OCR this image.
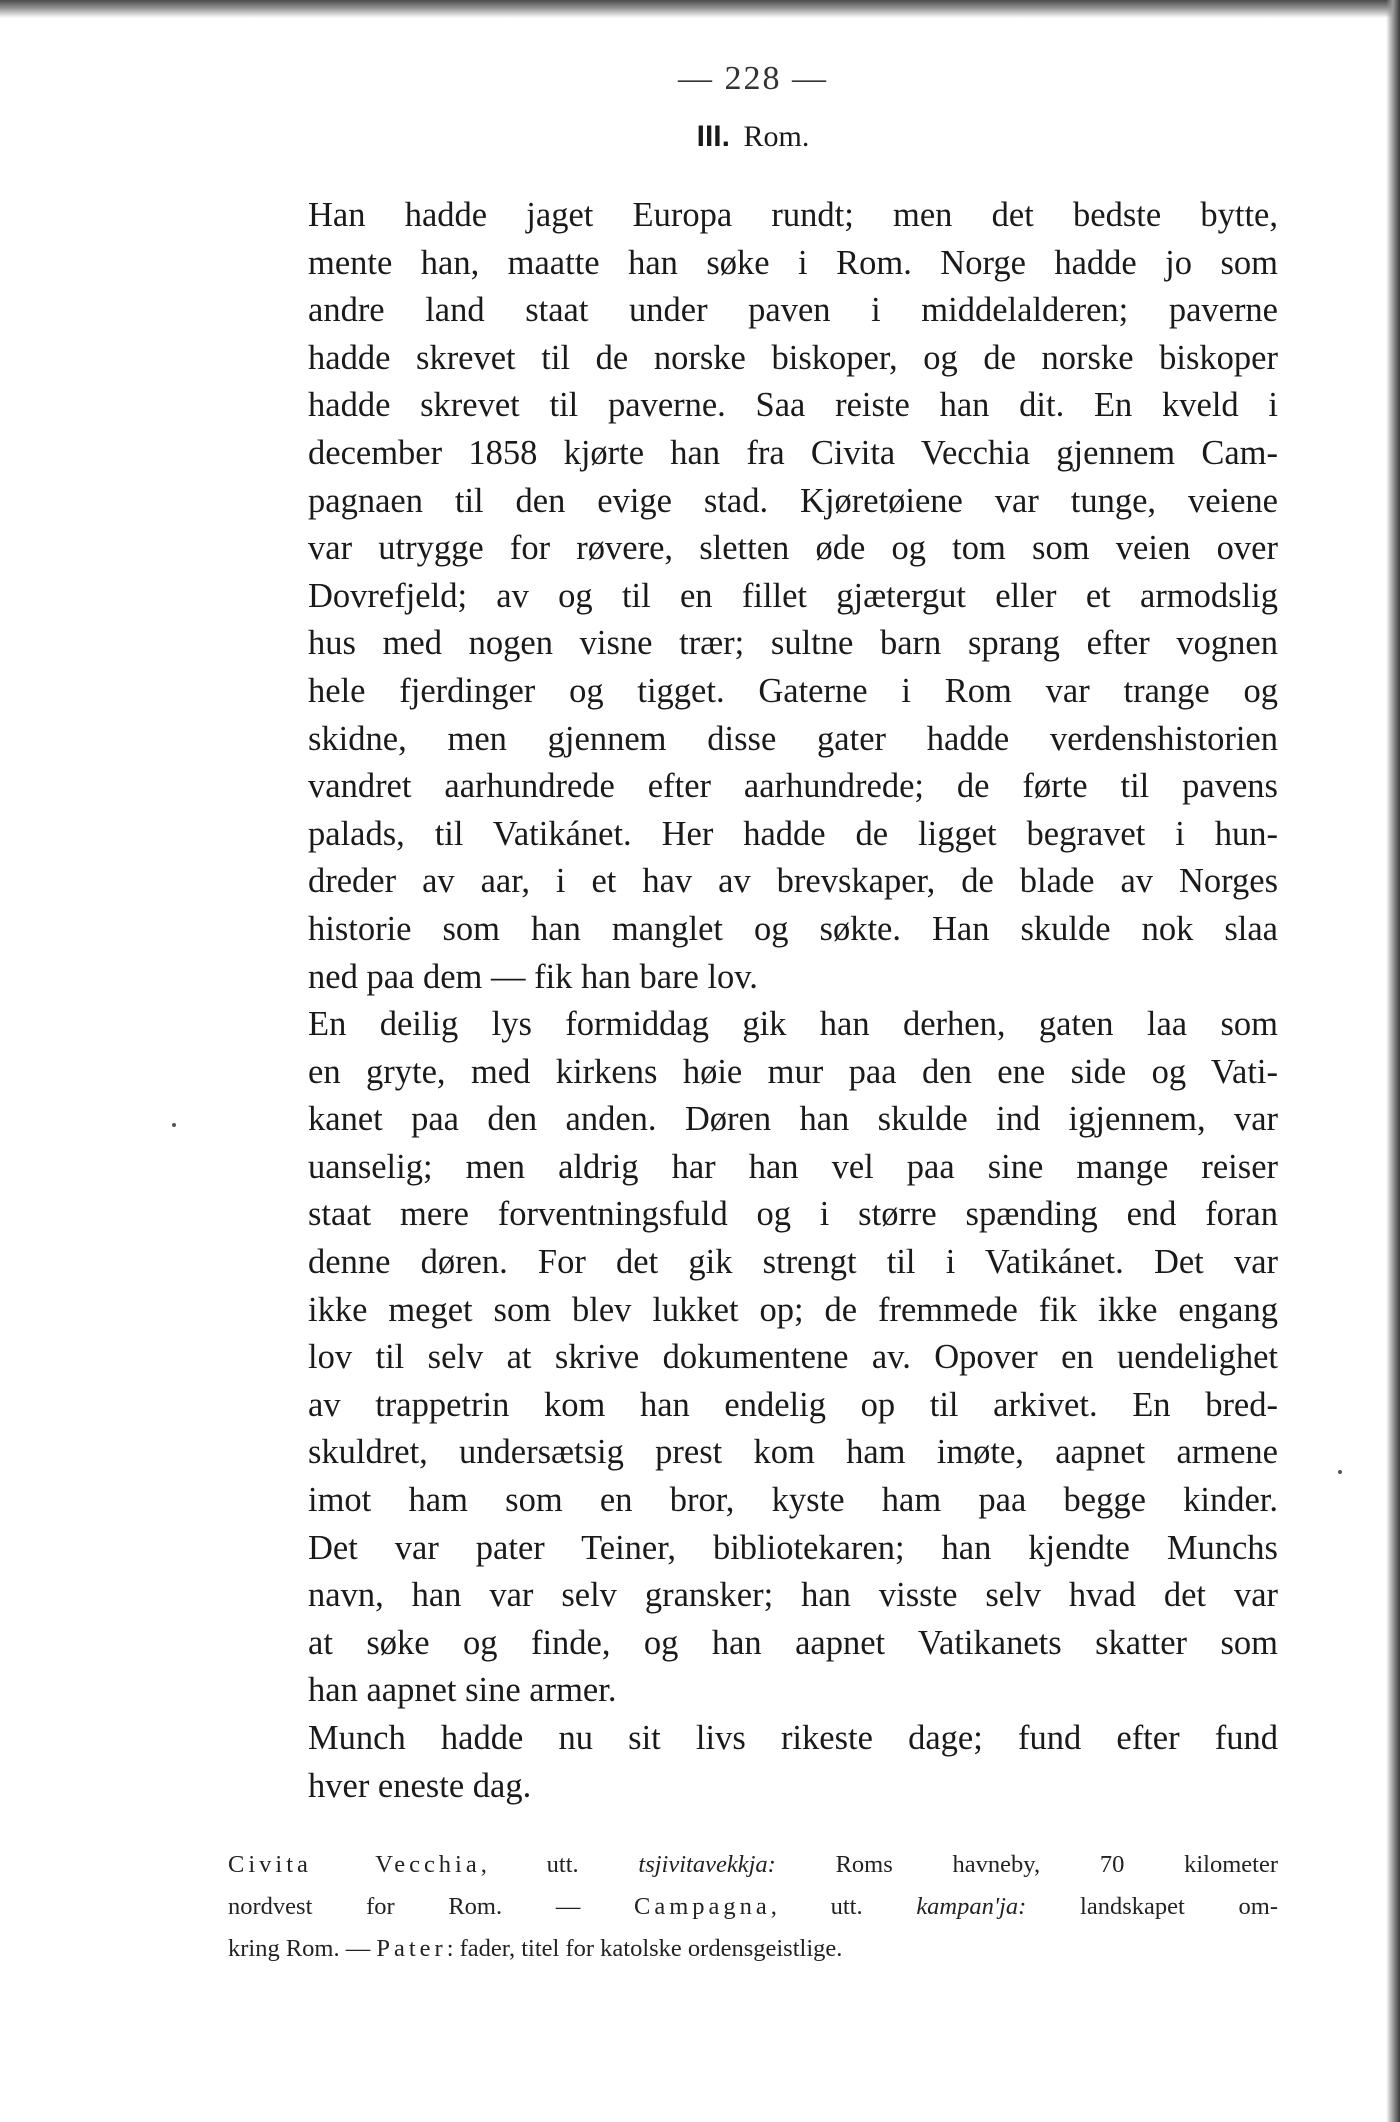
— 228 —
III. Rom.

Han hadde jaget Europa rundt; men det bedste bytte,
mente han, maatte han søke i Rom. Norge hadde jo som
andre land staat under paven i middelalderen; paverne
hadde skrevet til de norske biskoper, og de norske biskoper
hadde skrevet til paverne. Saa reiste han dit. En kveld i
december 1858 kjørte han fra Civita Vecchia gjennem Cam-
pagnaen til den evige stad. Kjøretøiene var tunge, veiene
var utrygge for røvere, sletten øde og tom som veien over
Dovrefjeld; av og til en fillet gjætergut eller et armodslig
hus med nogen visne trær; sultne barn sprang efter vognen
hele fjerdinger og tigget. Gaterne i Rom var trange og
skidne, men gjennem disse gater hadde verdenshistorien
vandret aarhundrede efter aarhundrede; de førte til pavens
palads, til Vatikánet. Her hadde de ligget begravet i hun-
dreder av aar, i et hav av brevskaper, de blade av Norges
historie som han manglet og søkte. Han skulde nok slaa
ned paa dem — fik han bare lov.

En deilig lys formiddag gik han derhen, gaten laa som
en gryte, med kirkens høie mur paa den ene side og Vati-
kanet paa den anden. Døren han skulde ind igjennem, var
uanselig; men aldrig har han vel paa sine mange reiser
staat mere forventningsfuld og i større spænding end foran
denne døren. For det gik strengt til i Vatikánet. Det var
ikke meget som blev lukket op; de fremmede fik ikke engang
lov til selv at skrive dokumentene av. Opover en uendelighet
av trappetrin kom han endelig op til arkivet. En bred-
skuldret, undersætsig prest kom ham imøte, aapnet armene
imot ham som en bror, kyste ham paa begge kinder.
Det var pater Teiner, bibliotekaren; han kjendte Munchs
navn, han var selv gransker; han visste selv hvad det var
at søke og finde, og han aapnet Vatikanets skatter som
han aapnet sine armer.

Munch hadde nu sit livs rikeste dage; fund efter fund
hver eneste dag.

Civita Vecchia, utt. tsjivitavekkja: Roms havneby, 70 kilometer
nordvest for Rom. — Campagna, utt. kampan'ja: landskapet om-
kring Rom. — Pater: fader, titel for katolske ordensgeistlige.
